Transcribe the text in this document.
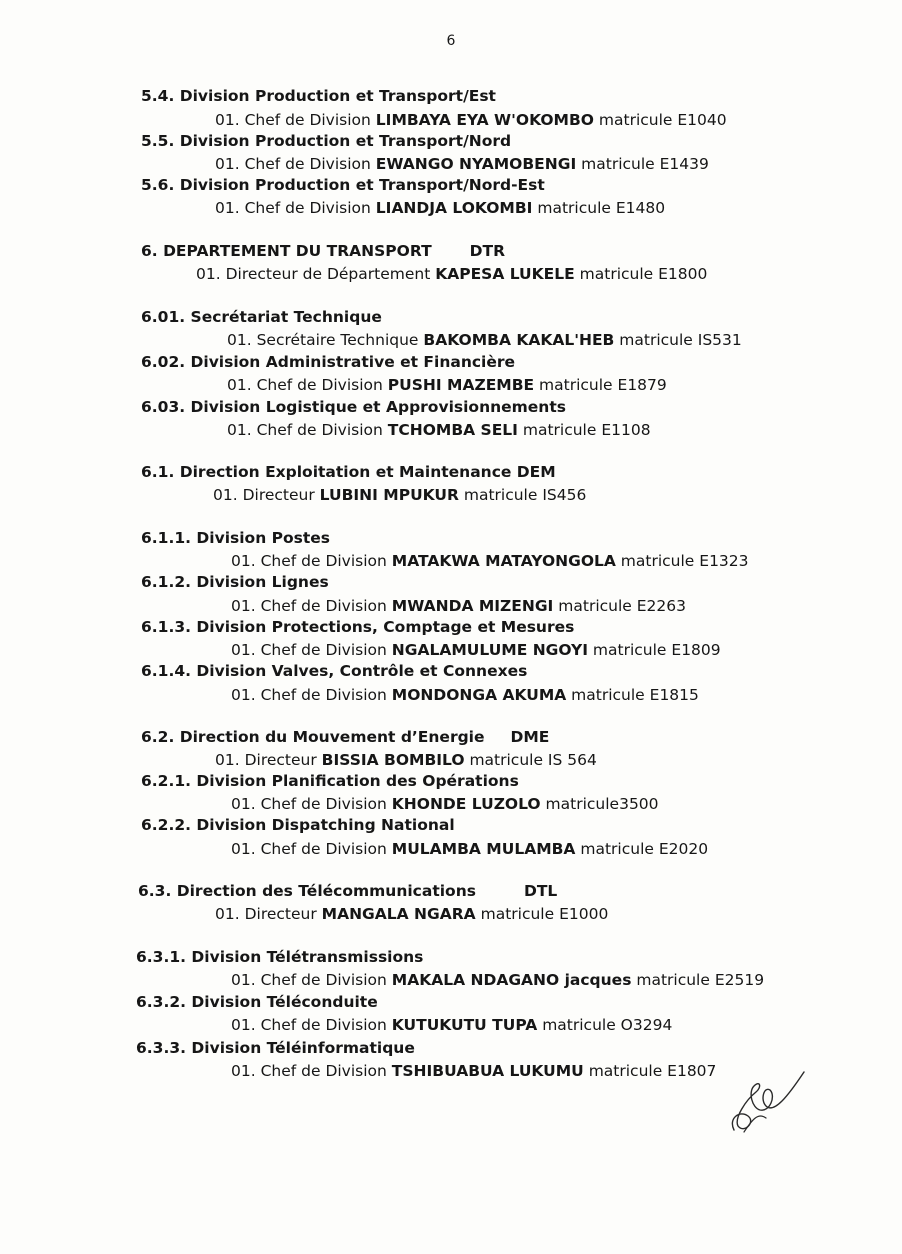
6
5.4. Division Production et Transport/Est
01. Chef de Division LIMBAYA EYA W'OKOMBO matricule E1040
5.5. Division Production et Transport/Nord
01. Chef de Division EWANGO NYAMOBENGI matricule E1439
5.6. Division Production et Transport/Nord-Est
01. Chef de Division LIANDJA LOKOMBI matricule E1480
6. DEPARTEMENT DU TRANSPORT DTR
01. Directeur de Département KAPESA LUKELE matricule E1800
6.01. Secrétariat Technique
01. Secrétaire Technique BAKOMBA KAKAL'HEB matricule IS531
6.02. Division Administrative et Financière
01. Chef de Division PUSHI MAZEMBE matricule E1879
6.03. Division Logistique et Approvisionnements
01. Chef de Division TCHOMBA SELI matricule E1108
6.1. Direction Exploitation et Maintenance DEM
01. Directeur LUBINI MPUKUR matricule IS456
6.1.1. Division Postes
01. Chef de Division MATAKWA MATAYONGOLA matricule E1323
6.1.2. Division Lignes
01. Chef de Division MWANDA MIZENGI matricule E2263
6.1.3. Division Protections, Comptage et Mesures
01. Chef de Division NGALAMULUME NGOYI matricule E1809
6.1.4. Division Valves, Contrôle et Connexes
01. Chef de Division MONDONGA AKUMA matricule E1815
6.2. Direction du Mouvement d’Energie DME
01. Directeur BISSIA BOMBILO matricule IS 564
6.2.1. Division Planification des Opérations
01. Chef de Division KHONDE LUZOLO matricule3500
6.2.2. Division Dispatching National
01. Chef de Division MULAMBA MULAMBA matricule E2020
6.3. Direction des Télécommunications	DTL
01. Directeur MANGALA NGARA matricule E1000
6.3.1. Division Télétransmissions
01. Chef de Division MAKALA NDAGANO jacques matricule E2519
6.3.2. Division Téléconduite
01. Chef de Division KUTUKUTU TUPA matricule O3294
6.3.3. Division Téléinformatique
01. Chef de Division TSHIBUABUA LUKUMU matricule E1807
